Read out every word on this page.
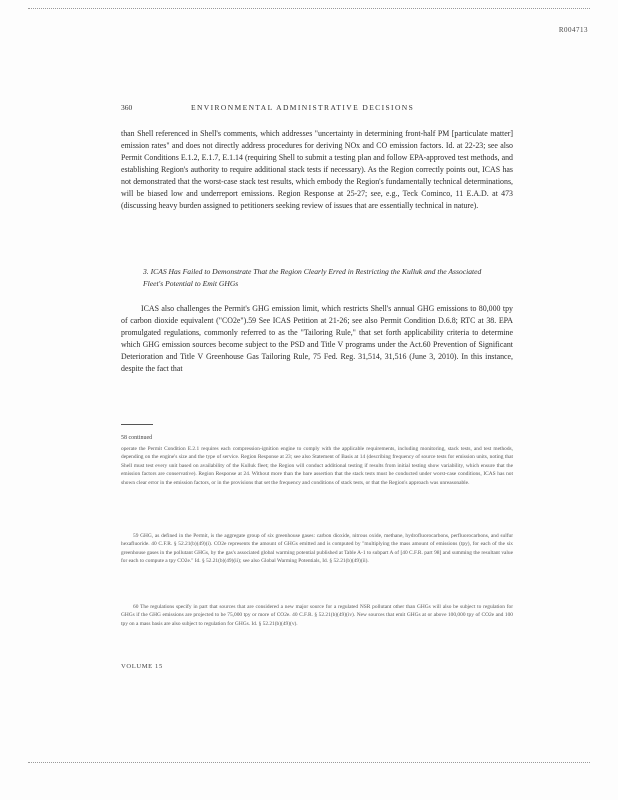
R004713
360	ENVIRONMENTAL ADMINISTRATIVE DECISIONS
than Shell referenced in Shell's comments, which addresses "uncertainty in determining front-half PM [particulate matter] emission rates" and does not directly address procedures for deriving NOx and CO emission factors. Id. at 22-23; see also Permit Conditions E.1.2, E.1.7, E.1.14 (requiring Shell to submit a testing plan and follow EPA-approved test methods, and establishing Region's authority to require additional stack tests if necessary). As the Region correctly points out, ICAS has not demonstrated that the worst-case stack test results, which embody the Region's fundamentally technical determinations, will be biased low and underreport emissions. Region Response at 25-27; see, e.g., Teck Cominco, 11 E.A.D. at 473 (discussing heavy burden assigned to petitioners seeking review of issues that are essentially technical in nature).
3. ICAS Has Failed to Demonstrate That the Region Clearly Erred in Restricting the Kulluk and the Associated Fleet's Potential to Emit GHGs
ICAS also challenges the Permit's GHG emission limit, which restricts Shell's annual GHG emissions to 80,000 tpy of carbon dioxide equivalent ("CO2e").59 See ICAS Petition at 21-26; see also Permit Condition D.6.8; RTC at 38. EPA promulgated regulations, commonly referred to as the "Tailoring Rule," that set forth applicability criteria to determine which GHG emission sources become subject to the PSD and Title V programs under the Act.60 Prevention of Significant Deterioration and Title V Greenhouse Gas Tailoring Rule, 75 Fed. Reg. 31,514, 31,516 (June 3, 2010). In this instance, despite the fact that
58 continued
operate the Permit Condition E.2.1 requires each compression-ignition engine to comply with the applicable requirements, including monitoring, stack tests, and test methods, depending on the engine's size and the type of service. Region Response at 23; see also Statement of Basis at 14 (describing frequency of source tests for emission units, noting that Shell must test every unit based on availability of the Kulluk fleet; the Region will conduct additional testing if results from initial testing show variability, which ensure that the emission factors are conservative). Region Response at 24. Without more than the bare assertion that the stack tests must be conducted under worst-case conditions, ICAS has not shown clear error in the emission factors, or in the provisions that set the frequency and conditions of stack tests, or that the Region's approach was unreasonable.
59 GHG, as defined in the Permit, is the aggregate group of six greenhouse gases: carbon dioxide, nitrous oxide, methane, hydrofluorocarbons, perfluorocarbons, and sulfur hexafluoride. 40 C.F.R. § 52.21(b)(49)(i). CO2e represents the amount of GHGs emitted and is computed by "multiplying the mass amount of emissions (tpy), for each of the six greenhouse gases in the pollutant GHGs, by the gas's associated global warming potential published at Table A-1 to subpart A of [40 C.F.R. part 98] and summing the resultant value for each to compute a tpy CO2e." Id. § 52.21(b)(49)(ii); see also Global Warming Potentials, Id. § 52.21(b)(49)(ii).
60 The regulations specify in part that sources that are considered a new major source for a regulated NSR pollutant other than GHGs will also be subject to regulation for GHGs if the GHG emissions are projected to be 75,000 tpy or more of CO2e. 40 C.F.R. § 52.21(b)(49)(iv). New sources that emit GHGs at or above 100,000 tpy of CO2e and 100 tpy on a mass basis are also subject to regulation for GHGs. Id. § 52.21(b)(49)(v).
VOLUME 15
